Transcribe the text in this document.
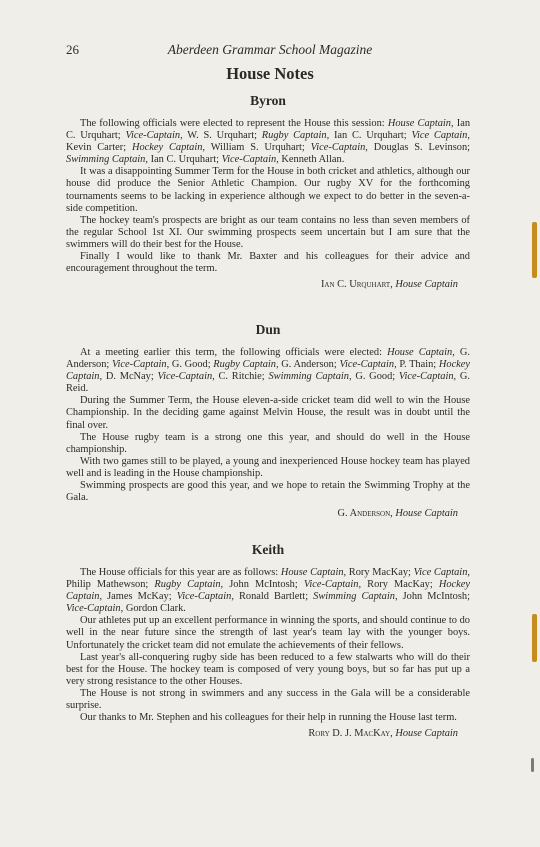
26	Aberdeen Grammar School Magazine
House Notes
Byron

The following officials were elected to represent the House this session: House Captain, Ian C. Urquhart; Vice-Captain, W. S. Urquhart; Rugby Captain, Ian C. Urquhart; Vice Captain, Kevin Carter; Hockey Captain, William S. Urquhart; Vice-Captain, Douglas S. Levinson; Swimming Captain, Ian C. Urquhart; Vice-Captain, Kenneth Allan.

It was a disappointing Summer Term for the House in both cricket and athletics, although our house did produce the Senior Athletic Champion. Our rugby XV for the forthcoming tournaments seems to be lacking in experience although we expect to do better in the seven-a-side competition.

The hockey team's prospects are bright as our team contains no less than seven members of the regular School 1st XI. Our swimming prospects seem uncertain but I am sure that the swimmers will do their best for the House.

Finally I would like to thank Mr. Baxter and his colleagues for their advice and encouragement throughout the term.

Ian C. Urquhart, House Captain
Dun

At a meeting earlier this term, the following officials were elected: House Captain, G. Anderson; Vice-Captain, G. Good; Rugby Captain, G. Anderson; Vice-Captain, P. Thain; Hockey Captain, D. McNay; Vice-Captain, C. Ritchie; Swimming Captain, G. Good; Vice-Captain, G. Reid.

During the Summer Term, the House eleven-a-side cricket team did well to win the House Championship. In the deciding game against Melvin House, the result was in doubt until the final over.

The House rugby team is a strong one this year, and should do well in the House championship.

With two games still to be played, a young and inexperienced House hockey team has played well and is leading in the House championship.

Swimming prospects are good this year, and we hope to retain the Swimming Trophy at the Gala.

G. Anderson, House Captain
Keith

The House officials for this year are as follows: House Captain, Rory MacKay; Vice Captain, Philip Mathewson; Rugby Captain, John McIntosh; Vice-Captain, Rory MacKay; Hockey Captain, James McKay; Vice-Captain, Ronald Bartlett; Swimming Captain, John McIntosh; Vice-Captain, Gordon Clark.

Our athletes put up an excellent performance in winning the sports, and should continue to do well in the near future since the strength of last year's team lay with the younger boys. Unfortunately the cricket team did not emulate the achievements of their fellows.

Last year's all-conquering rugby side has been reduced to a few stalwarts who will do their best for the House. The hockey team is composed of very young boys, but so far has put up a very strong resistance to the other Houses.

The House is not strong in swimmers and any success in the Gala will be a considerable surprise.

Our thanks to Mr. Stephen and his colleagues for their help in running the House last term.

Rory D. J. MacKay, House Captain
